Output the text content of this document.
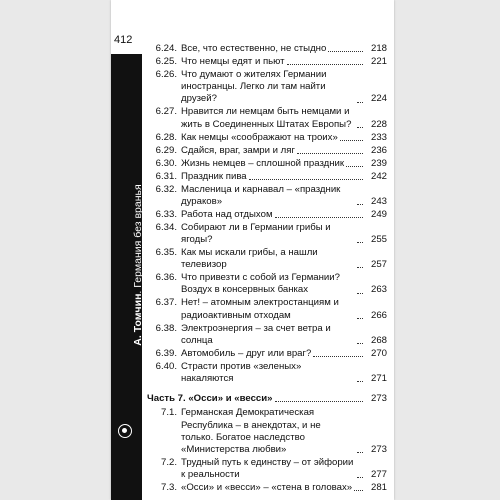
412
А. Томчин. Германия без вранья
6.24. Все, что естественно, не стыдно	218
6.25. Что немцы едят и пьют	221
6.26. Что думают о жителях Германии иностранцы. Легко ли там найти друзей?	224
6.27. Нравится ли немцам быть немцами и жить в Соединенных Штатах Европы?	228
6.28. Как немцы «соображают на троих»	233
6.29. Сдайся, враг, замри и ляг	236
6.30. Жизнь немцев – сплошной праздник	239
6.31. Праздник пива	242
6.32. Масленица и карнавал – «праздник дураков»	243
6.33. Работа над отдыхом	249
6.34. Собирают ли в Германии грибы и ягоды?	255
6.35. Как мы искали грибы, а нашли телевизор	257
6.36. Что привезти с собой из Германии? Воздух в консервных банках	263
6.37. Нет! – атомным электростанциям и радиоактивным отходам	266
6.38. Электроэнергия – за счет ветра и солнца	268
6.39. Автомобиль – друг или враг?	270
6.40. Страсти против «зеленых» накаляются	271
Часть 7. «Осси» и «весси»	273
7.1. Германская Демократическая Республика – в анекдотах, и не только. Богатое наследство «Министерства любви»	273
7.2. Трудный путь к единству – от эйфории к реальности	277
7.3. «Осси» и «весси» – «стена в головах»	281
